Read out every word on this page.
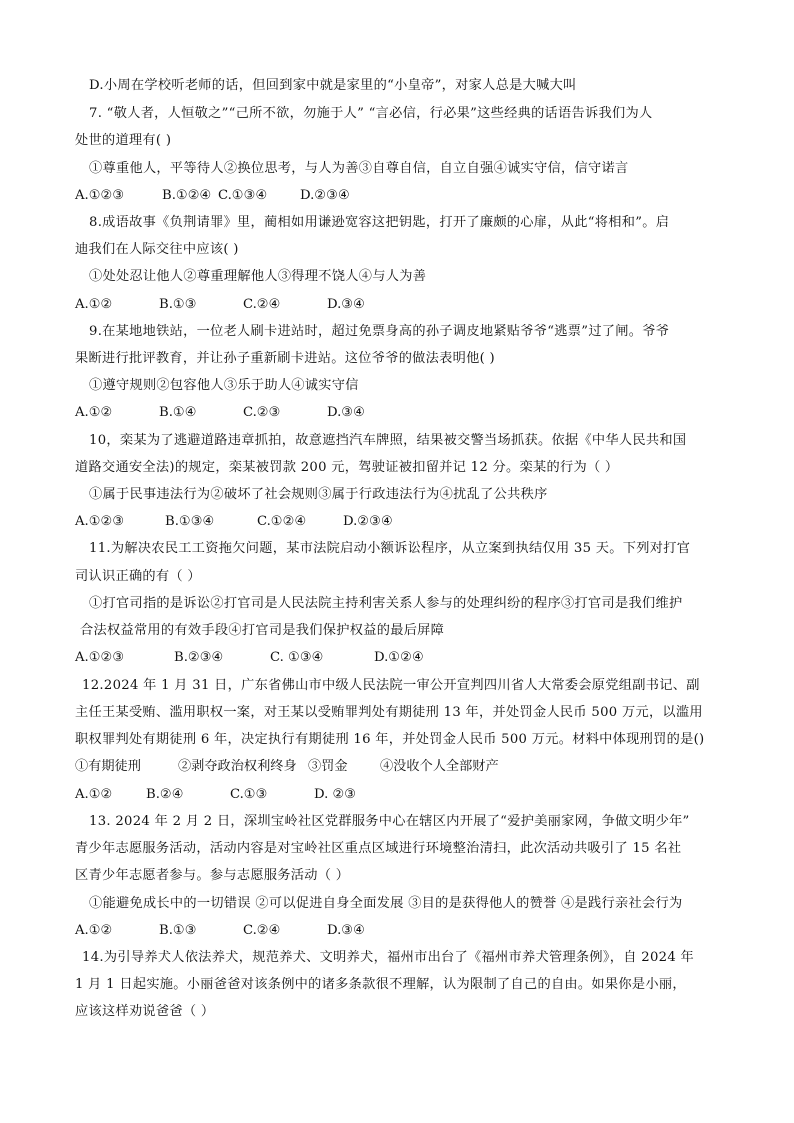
D.小周在学校听老师的话，但回到家中就是家里的“小皇帝”，对家人总是大喊大叫
7. “敬人者，人恒敬之”“己所不欲，勿施于人” “言必信，行必果”这些经典的话语告诉我们为人
处世的道理有( )
①尊重他人，平等待人②换位思考，与人为善③自尊自信，自立自强④诚实守信，信守诺言
A.①②③	B.①②④ C.①③④ D.②③④
8.成语故事《负荆请罪》里，蔺相如用谦逊宽容这把钥匙，打开了廉颇的心扉，从此“将相和”。启
迪我们在人际交往中应该( )
①处处忍让他人②尊重理解他人③得理不饶人④与人为善
A.①②	B.①③	C.②④	D.③④
9.在某地地铁站，一位老人刷卡进站时，超过免票身高的孙子调皮地紧贴爷爷“逃票”过了闸。爷爷
果断进行批评教育，并让孙子重新刷卡进站。这位爷爷的做法表明他( )
①遵守规则②包容他人③乐于助人④诚实守信
A.①②	B.①④	C.②③	D.③④
10，栾某为了逃避道路违章抓拍，故意遮挡汽车牌照，结果被交警当场抓获。依据《中华人民共和国
道路交通安全法)的规定，栾某被罚款 200 元，驾驶证被扣留并记 12 分。栾某的行为（ ）
①属于民事违法行为②破坏了社会规则③属于行政违法行为④扰乱了公共秩序
A.①②③	B.①③④	C.①②④	D.②③④
11.为解决农民工工资拖欠问题，某市法院启动小额诉讼程序，从立案到执结仅用 35 天。下列对打官
司认识正确的有（ ）
①打官司指的是诉讼②打官司是人民法院主持利害关系人参与的处理纠纷的程序③打官司是我们维护
合法权益常用的有效手段④打官司是我们保护权益的最后屏障
A.①②③	B.②③④	C. ①③④	D.①②④
12.2024 年 1 月 31 日，广东省佛山市中级人民法院一审公开宣判四川省人大常委会原党组副书记、副
主任王某受贿、滥用职权一案，对王某以受贿罪判处有期徒刑 13 年，并处罚金人民币 500 万元，以滥用
职权罪判处有期徒刑 6 年，决定执行有期徒刑 16 年，并处罚金人民币 500 万元。材料中体现刑罚的是()
①有期徒刑	②剥夺政治权利终身 ③罚金 ④没收个人全部财产
A.①②	B.②④	C.①③	D. ②③
13. 2024 年 2 月 2 日，深圳宝岭社区党群服务中心在辖区内开展了“爱护美丽家网，争做文明少年”
青少年志愿服务活动，活动内容是对宝岭社区重点区域进行环境整治清扫，此次活动共吸引了 15 名社
区青少年志愿者参与。参与志愿服务活动（ ）
①能避免成长中的一切错误 ②可以促进自身全面发展 ③目的是获得他人的赞誉 ④是践行亲社会行为
A.①②	B.①③	C.②④	D.③④
14.为引导养犬人依法养犬，规范养犬、文明养犬，福州市出台了《福州市养犬管理条例》，自 2024 年
1 月 1 日起实施。小丽爸爸对该条例中的诸多条款很不理解，认为限制了自己的自由。如果你是小丽，
应该这样劝说爸爸（ ）
